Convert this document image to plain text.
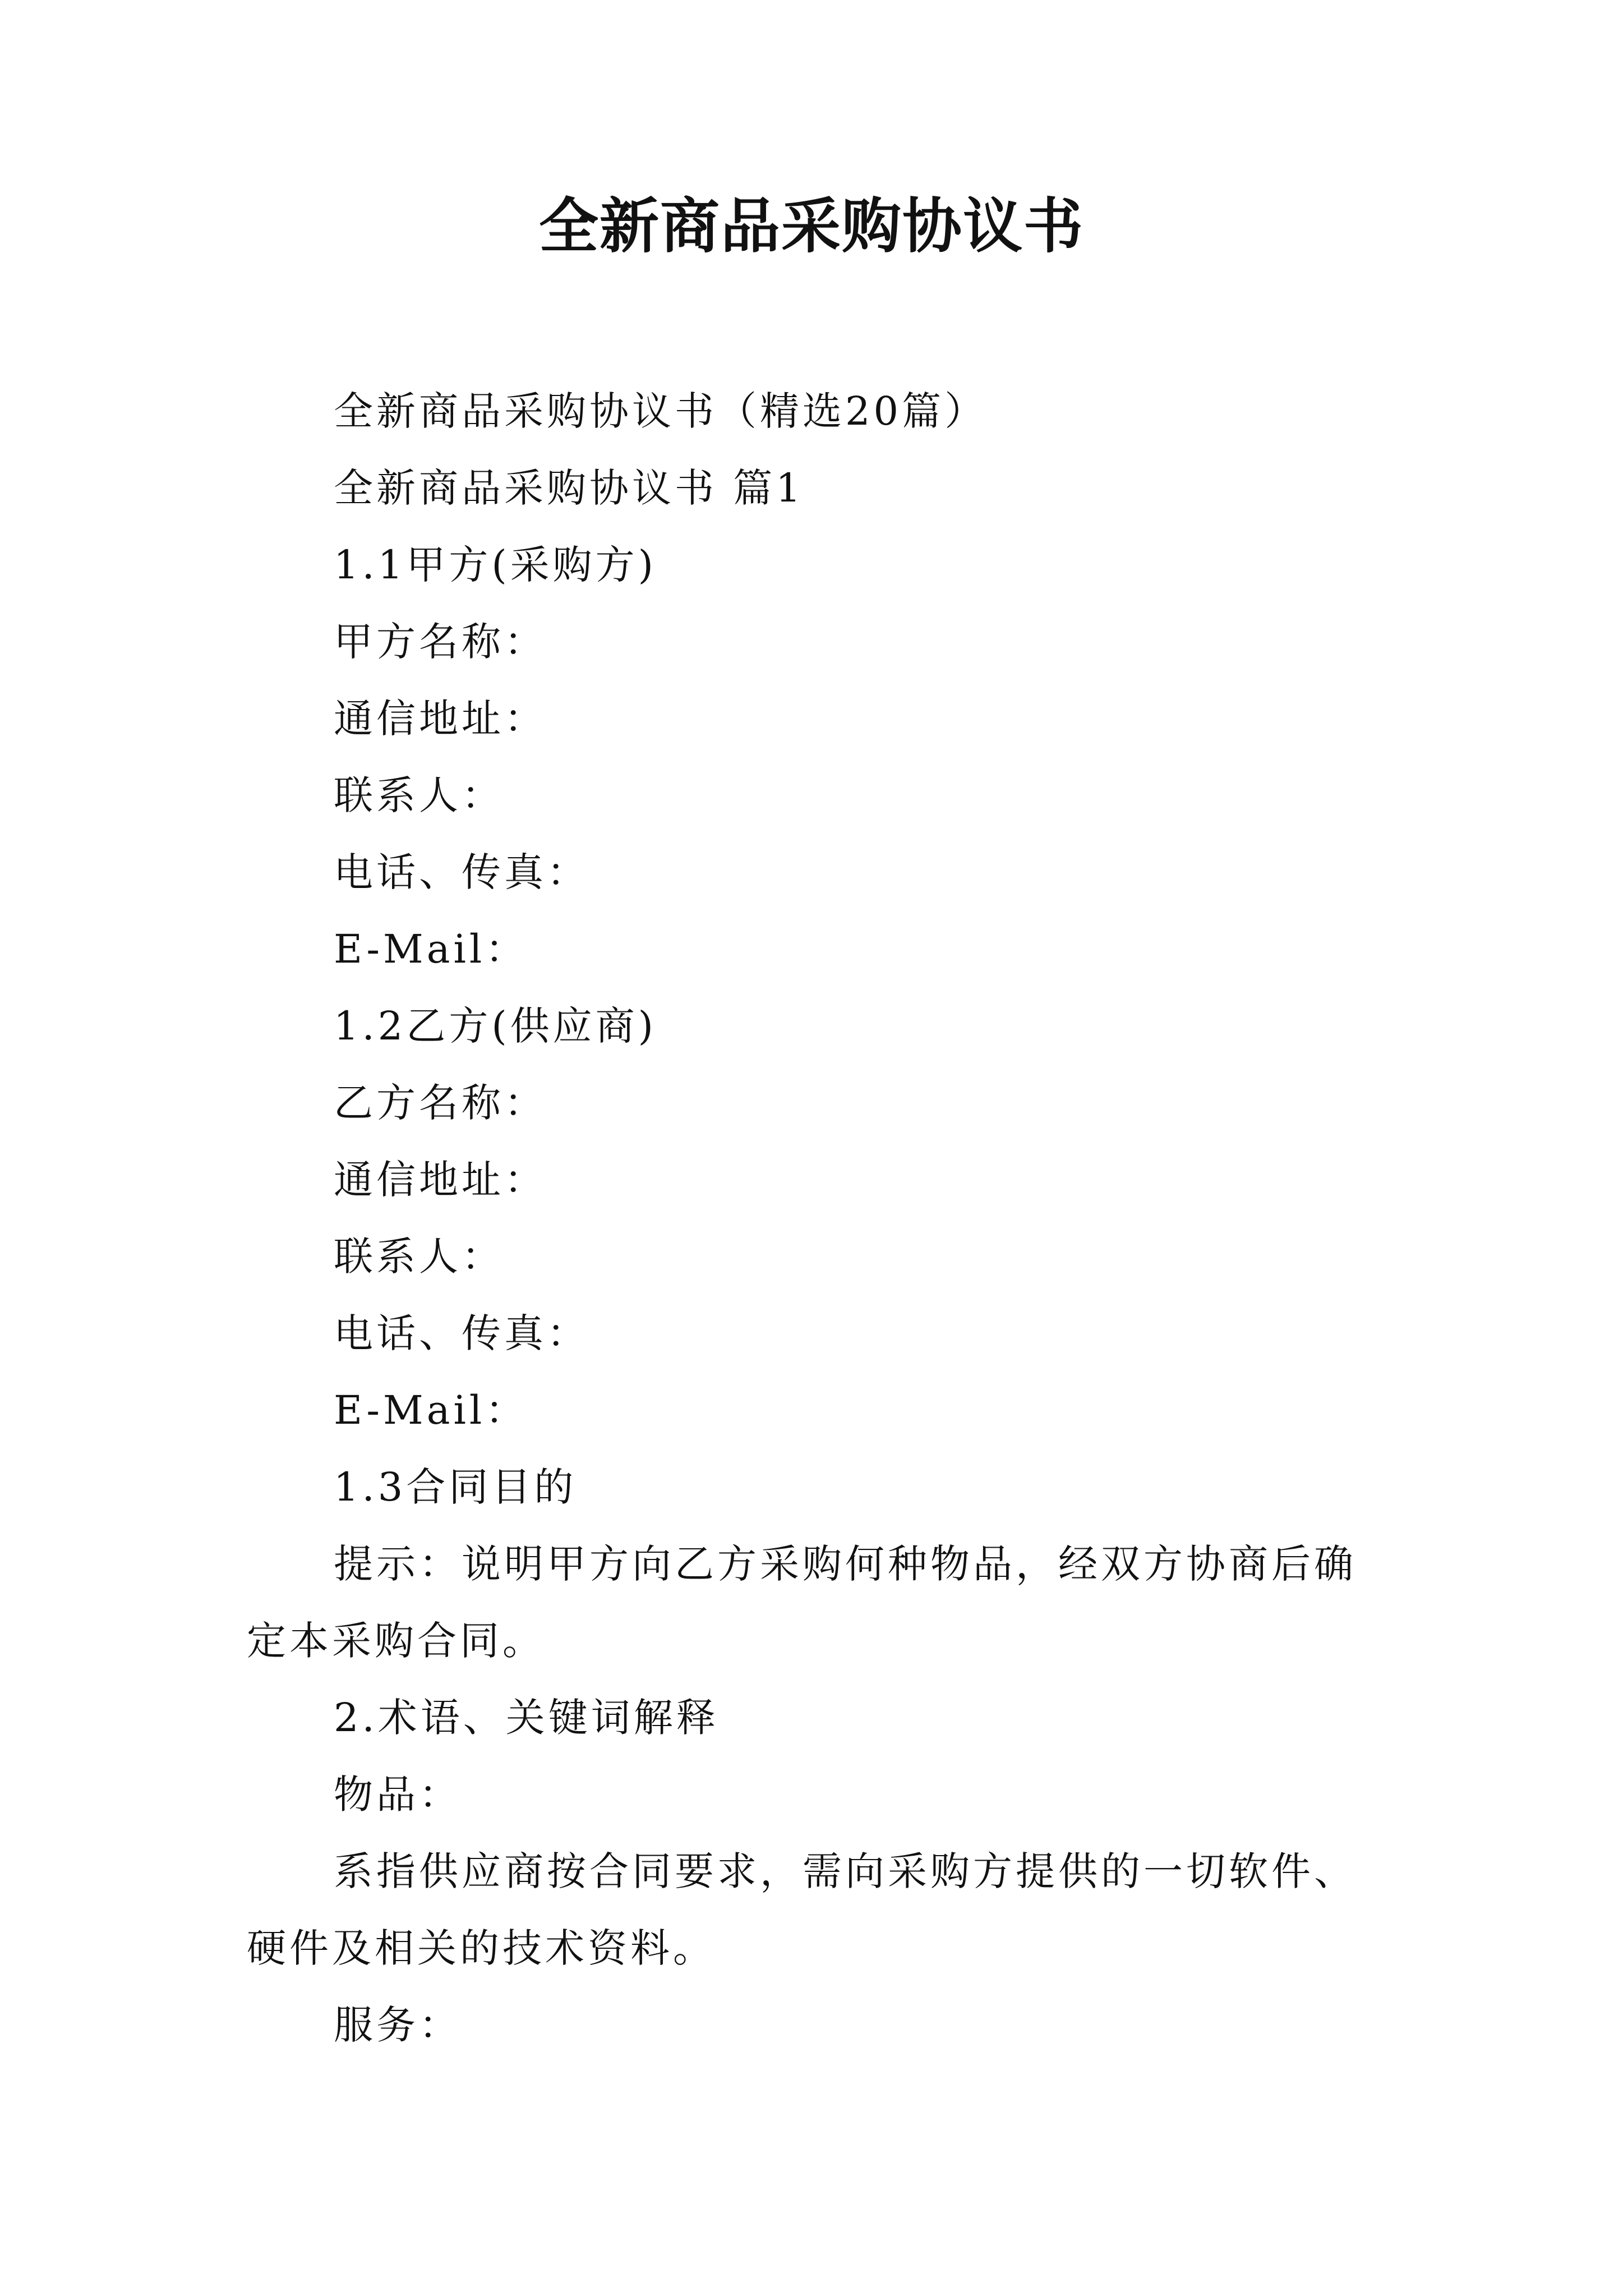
全新商品采购协议书
全新商品采购协议书（精选20篇）
全新商品采购协议书 篇1
1.1甲方(采购方)
甲方名称：
通信地址：
联系人：
电话、传真：
E-Mail：
1.2乙方(供应商)
乙方名称：
通信地址：
联系人：
电话、传真：
E-Mail：
1.3合同目的
提示：说明甲方向乙方采购何种物品，经双方协商后确
定本采购合同。
2.术语、关键词解释
物品：
系指供应商按合同要求，需向采购方提供的一切软件、
硬件及相关的技术资料。
服务：
